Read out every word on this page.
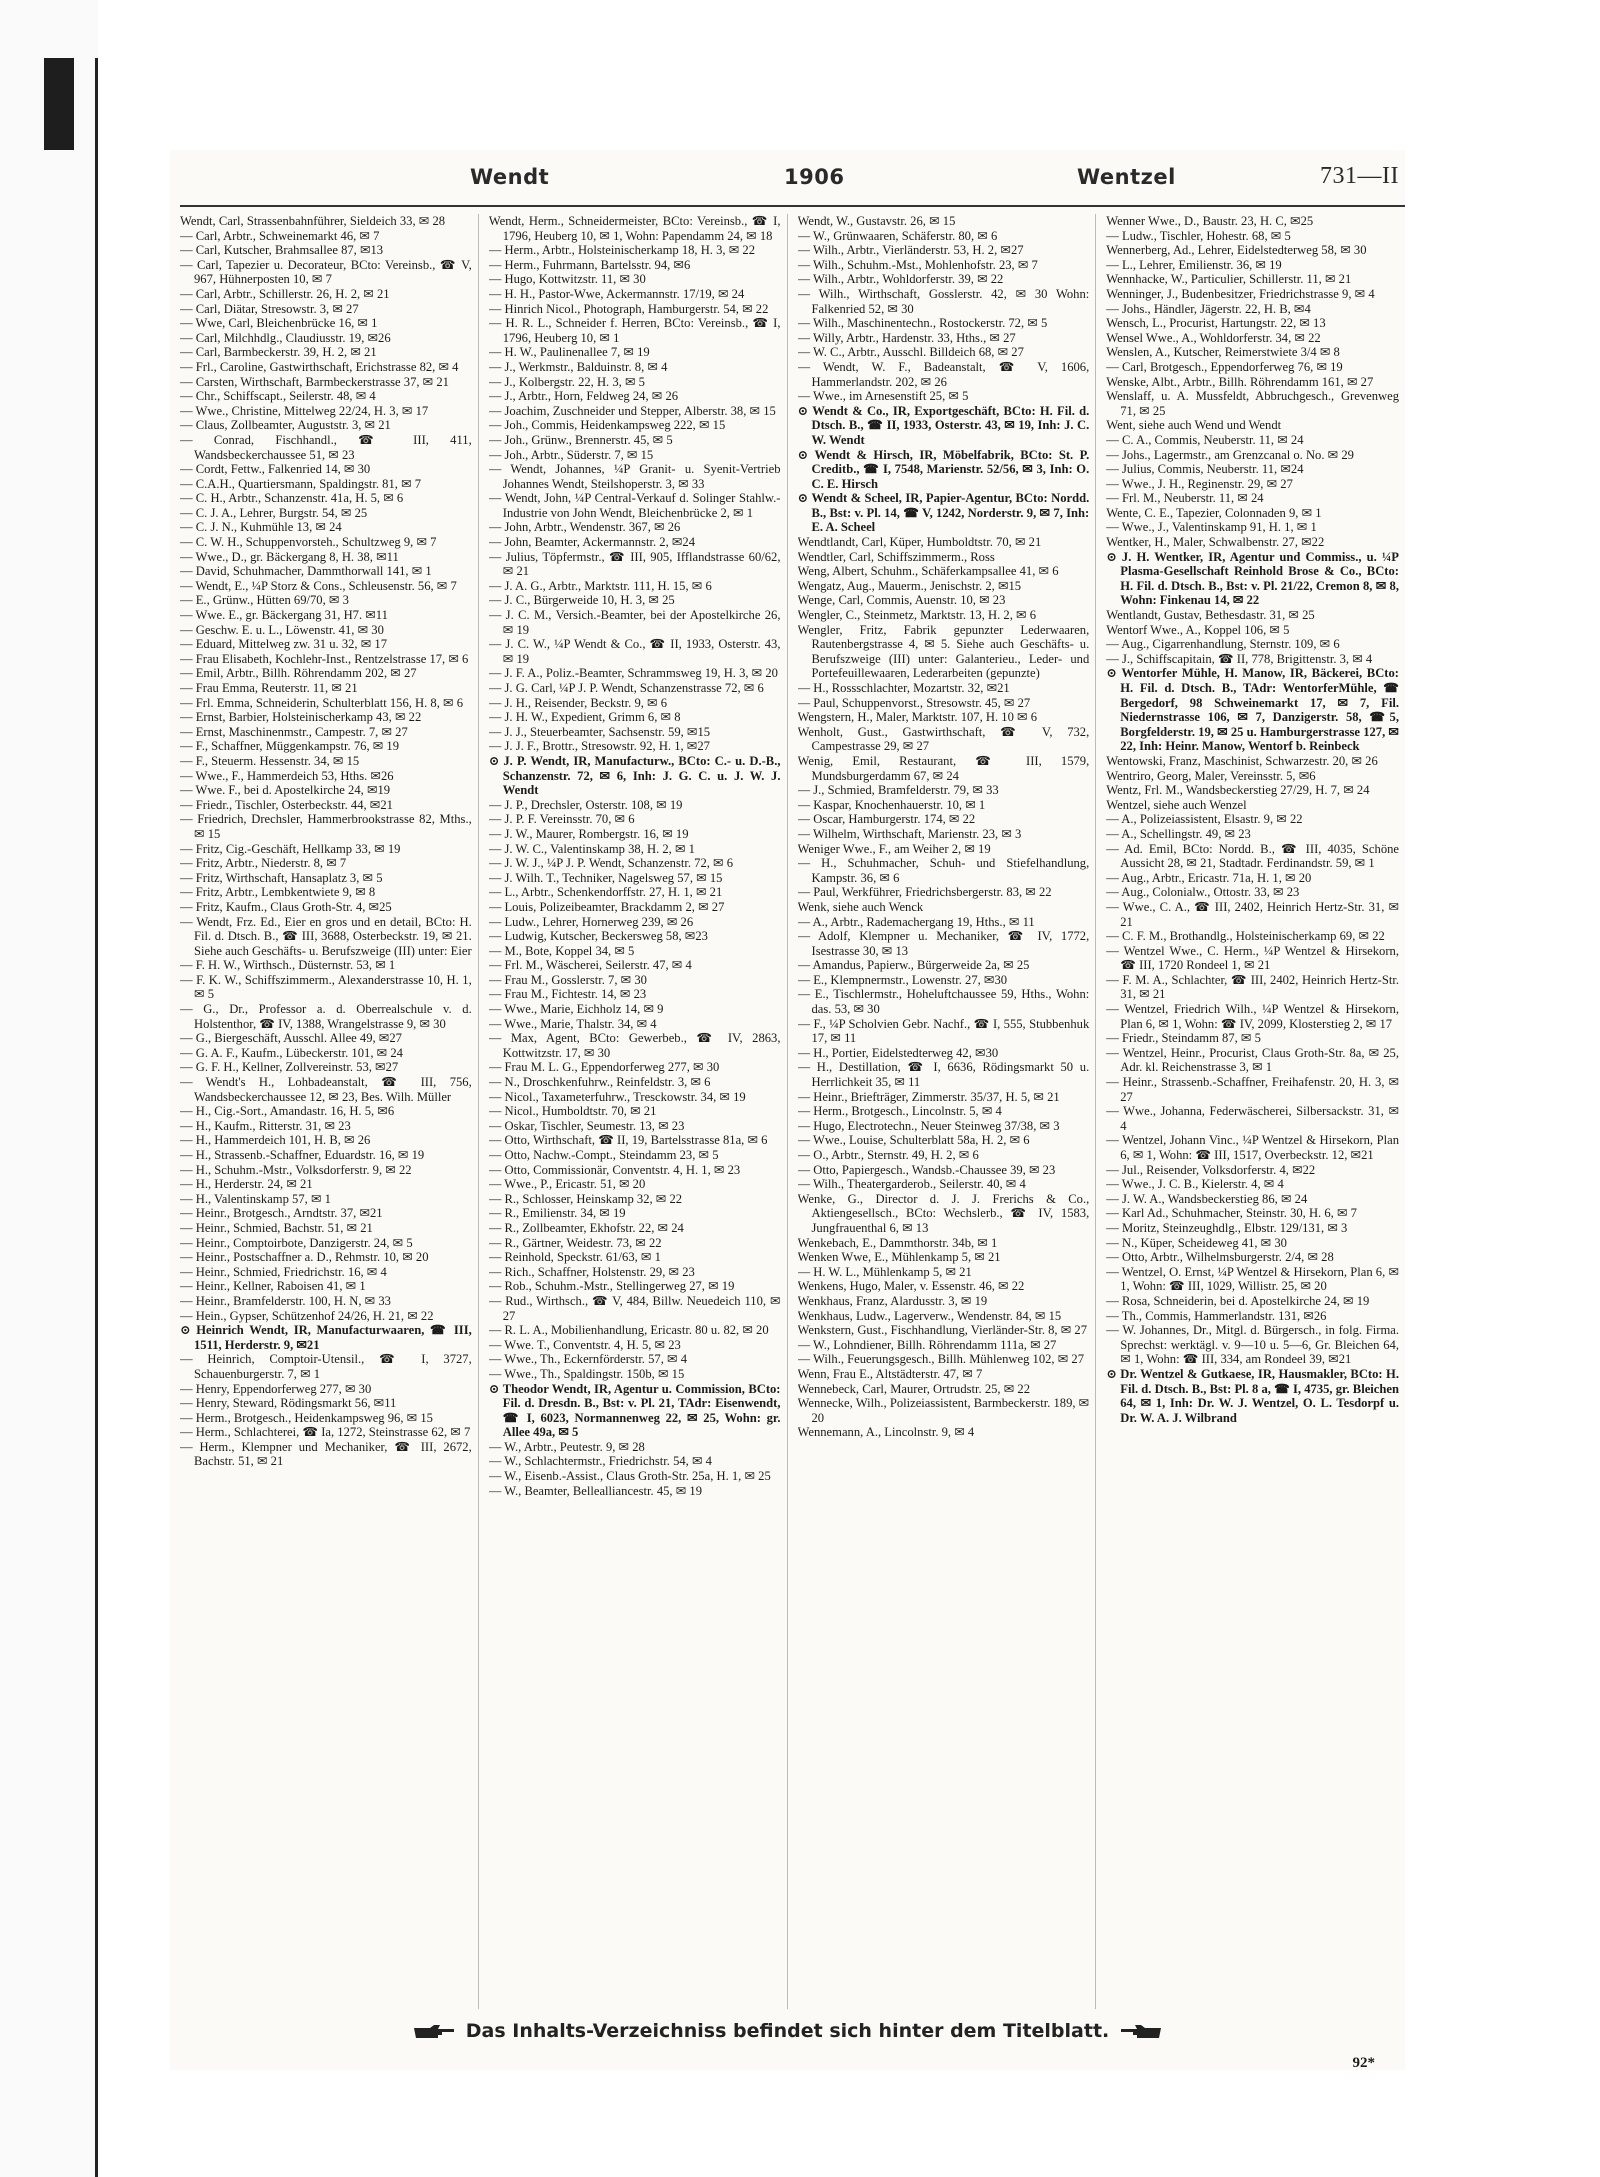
Wendt	1906	Wentzel	731—II

Wendt, Carl, Strassenbahnführer, Sieldeich 33, ✉ 28

— Carl, Arbtr., Schweinemarkt 46, ✉ 7

— Carl, Kutscher, Brahmsallee 87, ✉13

— Carl, Tapezier u. Decorateur, BCto: Vereinsb., ☎ V, 967, Hühnerposten 10, ✉ 7

— Carl, Arbtr., Schillerstr. 26, H. 2, ✉ 21

— Carl, Diätar, Stresowstr. 3, ✉ 27

— Wwe, Carl, Bleichenbrücke 16, ✉ 1

— Carl, Milchhdlg., Claudiusstr. 19, ✉26

— Carl, Barmbeckerstr. 39, H. 2, ✉ 21

— Frl., Caroline, Gastwirthschaft, Erichstrasse 82, ✉ 4

— Carsten, Wirthschaft, Barmbeckerstrasse 37, ✉ 21

— Chr., Schiffscapt., Seilerstr. 48, ✉ 4

— Wwe., Christine, Mittelweg 22/24, H. 3, ✉ 17

— Claus, Zollbeamter, Auguststr. 3, ✉ 21

— Conrad, Fischhandl., ☎ III, 411, Wandsbeckerchaussee 51, ✉ 23

— Cordt, Fettw., Falkenried 14, ✉ 30

— C.A.H., Quartiersmann, Spaldingstr. 81, ✉ 7

— C. H., Arbtr., Schanzenstr. 41a, H. 5, ✉ 6

— C. J. A., Lehrer, Burgstr. 54, ✉ 25

— C. J. N., Kuhmühle 13, ✉ 24

— C. W. H., Schuppenvorsteh., Schultzweg 9, ✉ 7

— Wwe., D., gr. Bäckergang 8, H. 38, ✉11

— David, Schuhmacher, Dammthorwall 141, ✉ 1

— Wendt, E., ¼P Storz & Cons., Schleusenstr. 56, ✉ 7

— E., Grünw., Hütten 69/70, ✉ 3

— Wwe. E., gr. Bäckergang 31, H7. ✉11

— Geschw. E. u. L., Löwenstr. 41, ✉ 30

— Eduard, Mittelweg zw. 31 u. 32, ✉ 17

— Frau Elisabeth, Kochlehr-Inst., Rentzelstrasse 17, ✉ 6

— Emil, Arbtr., Billh. Röhrendamm 202, ✉ 27

— Frau Emma, Reuterstr. 11, ✉ 21

— Frl. Emma, Schneiderin, Schulterblatt 156, H. 8, ✉ 6

— Ernst, Barbier, Holsteinischerkamp 43, ✉ 22

— Ernst, Maschinenmstr., Campestr. 7, ✉ 27

— F., Schaffner, Müggenkampstr. 76, ✉ 19

— F., Steuerm. Hessenstr. 34, ✉ 15

— Wwe., F., Hammerdeich 53, Hths. ✉26

— Wwe. F., bei d. Apostelkirche 24, ✉19

— Friedr., Tischler, Osterbeckstr. 44, ✉21

— Friedrich, Drechsler, Hammerbrookstrasse 82, Mths., ✉ 15

— Fritz, Cig.-Geschäft, Hellkamp 33, ✉ 19

— Fritz, Arbtr., Niederstr. 8, ✉ 7

— Fritz, Wirthschaft, Hansaplatz 3, ✉ 5

— Fritz, Arbtr., Lembkentwiete 9, ✉ 8

— Fritz, Kaufm., Claus Groth-Str. 4, ✉25

— Wendt, Frz. Ed., Eier en gros und en detail, BCto: H. Fil. d. Dtsch. B., ☎ III, 3688, Osterbeckstr. 19, ✉ 21. Siehe auch Geschäfts- u. Berufszweige (III) unter: Eier

— F. H. W., Wirthsch., Düsternstr. 53, ✉ 1

— F. K. W., Schiffszimmerm., Alexanderstrasse 10, H. 1, ✉ 5

— G., Dr., Professor a. d. Oberrealschule v. d. Holstenthor, ☎ IV, 1388, Wrangelstrasse 9, ✉ 30

— G., Biergeschäft, Ausschl. Allee 49, ✉27

— G. A. F., Kaufm., Lübeckerstr. 101, ✉ 24

— G. F. H., Kellner, Zollvereinstr. 53, ✉27

— Wendt's H., Lohbadeanstalt, ☎ III, 756, Wandsbeckerchaussee 12, ✉ 23, Bes. Wilh. Müller

— H., Cig.-Sort., Amandastr. 16, H. 5, ✉6

— H., Kaufm., Ritterstr. 31, ✉ 23

— H., Hammerdeich 101, H. B, ✉ 26

— H., Strassenb.-Schaffner, Eduardstr. 16, ✉ 19

— H., Schuhm.-Mstr., Volksdorferstr. 9, ✉ 22

— H., Herderstr. 24, ✉ 21

— H., Valentinskamp 57, ✉ 1

— Heinr., Brotgesch., Arndtstr. 37, ✉21

— Heinr., Schmied, Bachstr. 51, ✉ 21

— Heinr., Comptoirbote, Danzigerstr. 24, ✉ 5

— Heinr., Postschaffner a. D., Rehmstr. 10, ✉ 20

— Heinr., Schmied, Friedrichstr. 16, ✉ 4

— Heinr., Kellner, Raboisen 41, ✉ 1

— Heinr., Bramfelderstr. 100, H. N, ✉ 33

— Hein., Gypser, Schützenhof 24/26, H. 21, ✉ 22

⊙ Heinrich Wendt, IR, Manufacturwaaren, ☎ III, 1511, Herderstr. 9, ✉21

— Heinrich, Comptoir-Utensil., ☎ I, 3727, Schauenburgerstr. 7, ✉ 1

— Henry, Eppendorferweg 277, ✉ 30

— Henry, Steward, Rödingsmarkt 56, ✉11

— Herm., Brotgesch., Heidenkampsweg 96, ✉ 15

— Herm., Schlachterei, ☎ Ia, 1272, Steinstrasse 62, ✉ 7

— Herm., Klempner und Mechaniker, ☎ III, 2672, Bachstr. 51, ✉ 21

Wendt, Herm., Schneidermeister, BCto: Vereinsb., ☎ I, 1796, Heuberg 10, ✉ 1, Wohn: Papendamm 24, ✉ 18

— Herm., Arbtr., Holsteinischerkamp 18, H. 3, ✉ 22

— Herm., Fuhrmann, Bartelsstr. 94, ✉6

— Hugo, Kottwitzstr. 11, ✉ 30

— H. H., Pastor-Wwe, Ackermannstr. 17/19, ✉ 24

— Hinrich Nicol., Photograph, Hamburgerstr. 54, ✉ 22

— H. R. L., Schneider f. Herren, BCto: Vereinsb., ☎ I, 1796, Heuberg 10, ✉ 1

— H. W., Paulinenallee 7, ✉ 19

— J., Werkmstr., Balduinstr. 8, ✉ 4

— J., Kolbergstr. 22, H. 3, ✉ 5

— J., Arbtr., Horn, Feldweg 24, ✉ 26

— Joachim, Zuschneider und Stepper, Alberstr. 38, ✉ 15

— Joh., Commis, Heidenkampsweg 222, ✉ 15

— Joh., Grünw., Brennerstr. 45, ✉ 5

— Joh., Arbtr., Süderstr. 7, ✉ 15

— Wendt, Johannes, ¼P Granit- u. Syenit-Vertrieb Johannes Wendt, Steilshoperstr. 3, ✉ 33

— Wendt, John, ¼P Central-Verkauf d. Solinger Stahlw.-Industrie von John Wendt, Bleichenbrücke 2, ✉ 1

— John, Arbtr., Wendenstr. 367, ✉ 26

— John, Beamter, Ackermannstr. 2, ✉24

— Julius, Töpfermstr., ☎ III, 905, Ifflandstrasse 60/62, ✉ 21

— J. A. G., Arbtr., Marktstr. 111, H. 15, ✉ 6

— J. C., Bürgerweide 10, H. 3, ✉ 25

— J. C. M., Versich.-Beamter, bei der Apostelkirche 26, ✉ 19

— J. C. W., ¼P Wendt & Co., ☎ II, 1933, Osterstr. 43, ✉ 19

— J. F. A., Poliz.-Beamter, Schrammsweg 19, H. 3, ✉ 20

— J. G. Carl, ¼P J. P. Wendt, Schanzenstrasse 72, ✉ 6

— J. H., Reisender, Beckstr. 9, ✉ 6

— J. H. W., Expedient, Grimm 6, ✉ 8

— J. J., Steuerbeamter, Sachsenstr. 59, ✉15

— J. J. F., Brottr., Stresowstr. 92, H. 1, ✉27

⊙ J. P. Wendt, IR, Manufacturw., BCto: C.- u. D.-B., Schanzenstr. 72, ✉ 6, Inh: J. G. C. u. J. W. J. Wendt

— J. P., Drechsler, Osterstr. 108, ✉ 19

— J. P. F. Vereinsstr. 70, ✉ 6

— J. W., Maurer, Rombergstr. 16, ✉ 19

— J. W. C., Valentinskamp 38, H. 2, ✉ 1

— J. W. J., ¼P J. P. Wendt, Schanzenstr. 72, ✉ 6

— J. Wilh. T., Techniker, Nagelsweg 57, ✉ 15

— L., Arbtr., Schenkendorffstr. 27, H. 1, ✉ 21

— Louis, Polizeibeamter, Brackdamm 2, ✉ 27

— Ludw., Lehrer, Hornerweg 239, ✉ 26

— Ludwig, Kutscher, Beckersweg 58, ✉23

— M., Bote, Koppel 34, ✉ 5

— Frl. M., Wäscherei, Seilerstr. 47, ✉ 4

— Frau M., Gosslerstr. 7, ✉ 30

— Frau M., Fichtestr. 14, ✉ 23

— Wwe., Marie, Eichholz 14, ✉ 9

— Wwe., Marie, Thalstr. 34, ✉ 4

— Max, Agent, BCto: Gewerbeb., ☎ IV, 2863, Kottwitzstr. 17, ✉ 30

— Frau M. L. G., Eppendorferweg 277, ✉ 30

— N., Droschkenfuhrw., Reinfeldstr. 3, ✉ 6

— Nicol., Taxameterfuhrw., Tresckowstr. 34, ✉ 19

— Nicol., Humboldtstr. 70, ✉ 21

— Oskar, Tischler, Seumestr. 13, ✉ 23

— Otto, Wirthschaft, ☎ II, 19, Bartelsstrasse 81a, ✉ 6

— Otto, Nachw.-Compt., Steindamm 23, ✉ 5

— Otto, Commissionär, Conventstr. 4, H. 1, ✉ 23

— Wwe., P., Ericastr. 51, ✉ 20

— R., Schlosser, Heinskamp 32, ✉ 22

— R., Emilienstr. 34, ✉ 19

— R., Zollbeamter, Ekhofstr. 22, ✉ 24

— R., Gärtner, Weidestr. 73, ✉ 22

— Reinhold, Speckstr. 61/63, ✉ 1

— Rich., Schaffner, Holstenstr. 29, ✉ 23

— Rob., Schuhm.-Mstr., Stellingerweg 27, ✉ 19

— Rud., Wirthsch., ☎ V, 484, Billw. Neuedeich 110, ✉ 27

— R. L. A., Mobilienhandlung, Ericastr. 80 u. 82, ✉ 20

— Wwe. T., Conventstr. 4, H. 5, ✉ 23

— Wwe., Th., Eckernförderstr. 57, ✉ 4

— Wwe., Th., Spaldingstr. 150b, ✉ 15

⊙ Theodor Wendt, IR, Agentur u. Commission, BCto: Fil. d. Dresdn. B., Bst: v. Pl. 21, TAdr: Eisenwendt, ☎ I, 6023, Normannenweg 22, ✉ 25, Wohn: gr. Allee 49a, ✉ 5

— W., Arbtr., Peutestr. 9, ✉ 28

— W., Schlachtermstr., Friedrichstr. 54, ✉ 4

— W., Eisenb.-Assist., Claus Groth-Str. 25a, H. 1, ✉ 25

— W., Beamter, Bellealliancestr. 45, ✉ 19

Wendt, W., Gustavstr. 26, ✉ 15

— W., Grünwaaren, Schäferstr. 80, ✉ 6

— Wilh., Arbtr., Vierländerstr. 53, H. 2, ✉27

— Wilh., Schuhm.-Mst., Mohlenhofstr. 23, ✉ 7

— Wilh., Arbtr., Wohldorferstr. 39, ✉ 22

— Wilh., Wirthschaft, Gosslerstr. 42, ✉ 30 Wohn: Falkenried 52, ✉ 30

— Wilh., Maschinentechn., Rostockerstr. 72, ✉ 5

— Willy, Arbtr., Hardenstr. 33, Hths., ✉ 27

— W. C., Arbtr., Ausschl. Billdeich 68, ✉ 27

— Wendt, W. F., Badeanstalt, ☎ V, 1606, Hammerlandstr. 202, ✉ 26

— Wwe., im Arnesenstift 25, ✉ 5

⊙ Wendt & Co., IR, Exportgeschäft, BCto: H. Fil. d. Dtsch. B., ☎ II, 1933, Osterstr. 43, ✉ 19, Inh: J. C. W. Wendt

⊙ Wendt & Hirsch, IR, Möbelfabrik, BCto: St. P. Creditb., ☎ I, 7548, Marienstr. 52/56, ✉ 3, Inh: O. C. E. Hirsch

⊙ Wendt & Scheel, IR, Papier-Agentur, BCto: Nordd. B., Bst: v. Pl. 14, ☎ V, 1242, Norderstr. 9, ✉ 7, Inh: E. A. Scheel

Wendtlandt, Carl, Küper, Humboldtstr. 70, ✉ 21

Wendtler, Carl, Schiffszimmerm., Ross

Weng, Albert, Schuhm., Schäferkampsallee 41, ✉ 6

Wengatz, Aug., Mauerm., Jenischstr. 2, ✉15

Wenge, Carl, Commis, Auenstr. 10, ✉ 23

Wengler, C., Steinmetz, Marktstr. 13, H. 2, ✉ 6

Wengler, Fritz, Fabrik gepunzter Lederwaaren, Rautenbergstrasse 4, ✉ 5. Siehe auch Geschäfts- u. Berufszweige (III) unter: Galanterieu., Leder- und Portefeuillewaaren, Lederarbeiten (gepunzte)

— H., Rossschlachter, Mozartstr. 32, ✉21

— Paul, Schuppenvorst., Stresowstr. 45, ✉ 27

Wengstern, H., Maler, Marktstr. 107, H. 10 ✉ 6

Wenholt, Gust., Gastwirthschaft, ☎ V, 732, Campestrasse 29, ✉ 27

Wenig, Emil, Restaurant, ☎ III, 1579, Mundsburgerdamm 67, ✉ 24

— J., Schmied, Bramfelderstr. 79, ✉ 33

— Kaspar, Knochenhauerstr. 10, ✉ 1

— Oscar, Hamburgerstr. 174, ✉ 22

— Wilhelm, Wirthschaft, Marienstr. 23, ✉ 3

Weniger Wwe., F., am Weiher 2, ✉ 19

— H., Schuhmacher, Schuh- und Stiefelhandlung, Kampstr. 36, ✉ 6

— Paul, Werkführer, Friedrichsbergerstr. 83, ✉ 22

Wenk, siehe auch Wenck

— A., Arbtr., Rademachergang 19, Hths., ✉ 11

— Adolf, Klempner u. Mechaniker, ☎ IV, 1772, Isestrasse 30, ✉ 13

— Amandus, Papierw., Bürgerweide 2a, ✉ 25

— E., Klempnermstr., Lowenstr. 27, ✉30

— E., Tischlermstr., Hoheluftchaussee 59, Hths., Wohn: das. 53, ✉ 30

— F., ¼P Scholvien Gebr. Nachf., ☎ I, 555, Stubbenhuk 17, ✉ 11

— H., Portier, Eidelstedterweg 42, ✉30

— H., Destillation, ☎ I, 6636, Rödingsmarkt 50 u. Herrlichkeit 35, ✉ 11

— Heinr., Briefträger, Zimmerstr. 35/37, H. 5, ✉ 21

— Herm., Brotgesch., Lincolnstr. 5, ✉ 4

— Hugo, Electrotechn., Neuer Steinweg 37/38, ✉ 3

— Wwe., Louise, Schulterblatt 58a, H. 2, ✉ 6

— O., Arbtr., Sternstr. 49, H. 2, ✉ 6

— Otto, Papiergesch., Wandsb.-Chaussee 39, ✉ 23

— Wilh., Theatergarderob., Seilerstr. 40, ✉ 4

Wenke, G., Director d. J. J. Frerichs & Co., Aktiengesellsch., BCto: Wechslerb., ☎ IV, 1583, Jungfrauenthal 6, ✉ 13

Wenkebach, E., Dammthorstr. 34b, ✉ 1

Wenken Wwe, E., Mühlenkamp 5, ✉ 21

— H. W. L., Mühlenkamp 5, ✉ 21

Wenkens, Hugo, Maler, v. Essenstr. 46, ✉ 22

Wenkhaus, Franz, Alardusstr. 3, ✉ 19

Wenkhaus, Ludw., Lagerverw., Wendenstr. 84, ✉ 15

Wenkstern, Gust., Fischhandlung, Vierländer-Str. 8, ✉ 27

— W., Lohndiener, Billh. Röhrendamm 111a, ✉ 27

— Wilh., Feuerungsgesch., Billh. Mühlenweg 102, ✉ 27

Wenn, Frau E., Altstädterstr. 47, ✉ 7

Wennebeck, Carl, Maurer, Ortrudstr. 25, ✉ 22

Wennecke, Wilh., Polizeiassistent, Barmbeckerstr. 189, ✉ 20

Wennemann, A., Lincolnstr. 9, ✉ 4

Wenner Wwe., D., Baustr. 23, H. C, ✉25

— Ludw., Tischler, Hohestr. 68, ✉ 5

Wennerberg, Ad., Lehrer, Eidelstedterweg 58, ✉ 30

— L., Lehrer, Emilienstr. 36, ✉ 19

Wennhacke, W., Particulier, Schillerstr. 11, ✉ 21

Wenninger, J., Budenbesitzer, Friedrichstrasse 9, ✉ 4

— Johs., Händler, Jägerstr. 22, H. B, ✉4

Wensch, L., Procurist, Hartungstr. 22, ✉ 13

Wensel Wwe., A., Wohldorferstr. 34, ✉ 22

Wenslen, A., Kutscher, Reimerstwiete 3/4 ✉ 8

— Carl, Brotgesch., Eppendorferweg 76, ✉ 19

Wenske, Albt., Arbtr., Billh. Röhrendamm 161, ✉ 27

Wenslaff, u. A. Mussfeldt, Abbruchgesch., Grevenweg 71, ✉ 25

Went, siehe auch Wend und Wendt

— C. A., Commis, Neuberstr. 11, ✉ 24

— Johs., Lagermstr., am Grenzcanal o. No. ✉ 29

— Julius, Commis, Neuberstr. 11, ✉24

— Wwe., J. H., Reginenstr. 29, ✉ 27

— Frl. M., Neuberstr. 11, ✉ 24

Wente, C. E., Tapezier, Colonnaden 9, ✉ 1

— Wwe., J., Valentinskamp 91, H. 1, ✉ 1

Wentker, H., Maler, Schwalbenstr. 27, ✉22

⊙ J. H. Wentker, IR, Agentur und Commiss., u. ¼P Plasma-Gesellschaft Reinhold Brose & Co., BCto: H. Fil. d. Dtsch. B., Bst: v. Pl. 21/22, Cremon 8, ✉ 8, Wohn: Finkenau 14, ✉ 22

Wentlandt, Gustav, Bethesdastr. 31, ✉ 25

Wentorf Wwe., A., Koppel 106, ✉ 5

— Aug., Cigarrenhandlung, Sternstr. 109, ✉ 6

— J., Schiffscapitain, ☎ II, 778, Brigittenstr. 3, ✉ 4

⊙ Wentorfer Mühle, H. Manow, IR, Bäckerei, BCto: H. Fil. d. Dtsch. B., TAdr: WentorferMühle, ☎ Bergedorf, 98 Schweinemarkt 17, ✉ 7, Fil. Niedernstrasse 106, ✉ 7, Danzigerstr. 58, ☎5, Borgfelderstr. 19, ✉ 25 u. Hamburgerstrasse 127, ✉ 22, Inh: Heinr. Manow, Wentorf b. Reinbeck

Wentowski, Franz, Maschinist, Schwarzestr. 20, ✉ 26

Wentriro, Georg, Maler, Vereinsstr. 5, ✉6

Wentz, Frl. M., Wandsbeckerstieg 27/29, H. 7, ✉ 24

Wentzel, siehe auch Wenzel

— A., Polizeiassistent, Elsastr. 9, ✉ 22

— A., Schellingstr. 49, ✉ 23

— Ad. Emil, BCto: Nordd. B., ☎ III, 4035, Schöne Aussicht 28, ✉ 21, Stadtadr. Ferdinandstr. 59, ✉ 1

— Aug., Arbtr., Ericastr. 71a, H. 1, ✉ 20

— Aug., Colonialw., Ottostr. 33, ✉ 23

— Wwe., C. A., ☎ III, 2402, Heinrich Hertz-Str. 31, ✉ 21

— C. F. M., Brothandlg., Holsteinischerkamp 69, ✉ 22

— Wentzel Wwe., C. Herm., ¼P Wentzel & Hirsekorn, ☎ III, 1720 Rondeel 1, ✉ 21

— F. M. A., Schlachter, ☎ III, 2402, Heinrich Hertz-Str. 31, ✉ 21

— Wentzel, Friedrich Wilh., ¼P Wentzel & Hirsekorn, Plan 6, ✉ 1, Wohn: ☎ IV, 2099, Klosterstieg 2, ✉ 17

— Friedr., Steindamm 87, ✉ 5

— Wentzel, Heinr., Procurist, Claus Groth-Str. 8a, ✉ 25, Adr. kl. Reichenstrasse 3, ✉ 1

— Heinr., Strassenb.-Schaffner, Freihafenstr. 20, H. 3, ✉ 27

— Wwe., Johanna, Federwäscherei, Silbersackstr. 31, ✉ 4

— Wentzel, Johann Vinc., ¼P Wentzel & Hirsekorn, Plan 6, ✉ 1, Wohn: ☎ III, 1517, Overbeckstr. 12, ✉21

— Jul., Reisender, Volksdorferstr. 4, ✉22

— Wwe., J. C. B., Kielerstr. 4, ✉ 4

— J. W. A., Wandsbeckerstieg 86, ✉ 24

— Karl Ad., Schuhmacher, Steinstr. 30, H. 6, ✉ 7

— Moritz, Steinzeughdlg., Elbstr. 129/131, ✉ 3

— N., Küper, Scheideweg 41, ✉ 30

— Otto, Arbtr., Wilhelmsburgerstr. 2/4, ✉ 28

— Wentzel, O. Ernst, ¼P Wentzel & Hirsekorn, Plan 6, ✉ 1, Wohn: ☎ III, 1029, Willistr. 25, ✉ 20

— Rosa, Schneiderin, bei d. Apostelkirche 24, ✉ 19

— Th., Commis, Hammerlandstr. 131, ✉26

— W. Johannes, Dr., Mitgl. d. Bürgersch., in folg. Firma. Sprechst: werktägl. v. 9—10 u. 5—6, Gr. Bleichen 64, ✉ 1, Wohn: ☎ III, 334, am Rondeel 39, ✉21

⊙ Dr. Wentzel & Gutkaese, IR, Hausmakler, BCto: H. Fil. d. Dtsch. B., Bst: Pl. 8 a, ☎ I, 4735, gr. Bleichen 64, ✉ 1, Inh: Dr. W. J. Wentzel, O. L. Tesdorpf u. Dr. W. A. J. Wilbrand

Das Inhalts-Verzeichniss befindet sich hinter dem Titelblatt.
92*
